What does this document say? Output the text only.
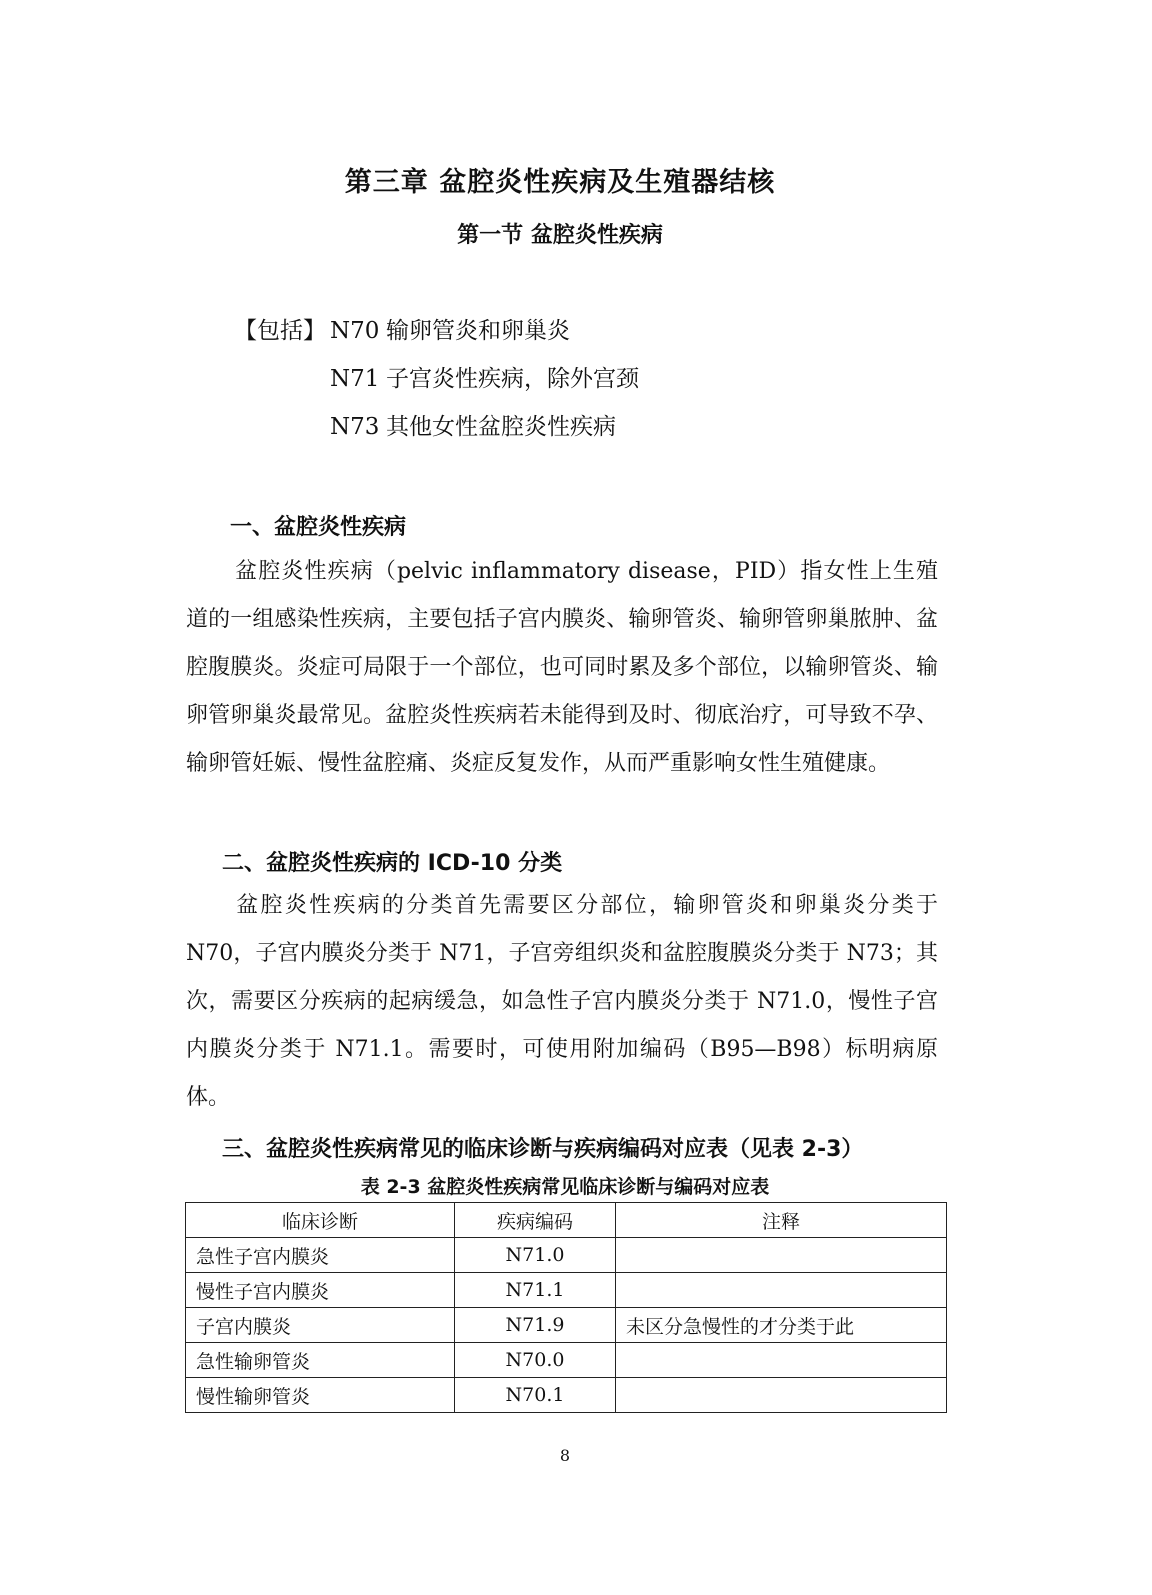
第三章 盆腔炎性疾病及生殖器结核
第一节 盆腔炎性疾病
【包括】 N70 输卵管炎和卵巢炎
N71 子宫炎性疾病，除外宫颈
N73 其他女性盆腔炎性疾病
一、盆腔炎性疾病
盆腔炎性疾病（pelvic inflammatory disease，PID）指女性上生殖道的一组感染性疾病，主要包括子宫内膜炎、输卵管炎、输卵管卵巢脓肿、盆腔腹膜炎。炎症可局限于一个部位，也可同时累及多个部位，以输卵管炎、输卵管卵巢炎最常见。盆腔炎性疾病若未能得到及时、彻底治疗，可导致不孕、输卵管妊娠、慢性盆腔痛、炎症反复发作，从而严重影响女性生殖健康。
二、盆腔炎性疾病的 ICD-10 分类
盆腔炎性疾病的分类首先需要区分部位，输卵管炎和卵巢炎分类于N70，子宫内膜炎分类于 N71，子宫旁组织炎和盆腔腹膜炎分类于 N73；其次，需要区分疾病的起病缓急，如急性子宫内膜炎分类于 N71.0，慢性子宫内膜炎分类于 N71.1。需要时，可使用附加编码（B95—B98）标明病原体。
三、盆腔炎性疾病常见的临床诊断与疾病编码对应表（见表 2-3）
表 2-3 盆腔炎性疾病常见临床诊断与编码对应表
临床诊断	疾病编码	注释
急性子宫内膜炎	N71.0	
慢性子宫内膜炎	N71.1	
子宫内膜炎	N71.9	未区分急慢性的才分类于此
急性输卵管炎	N70.0	
慢性输卵管炎	N70.1	
8
